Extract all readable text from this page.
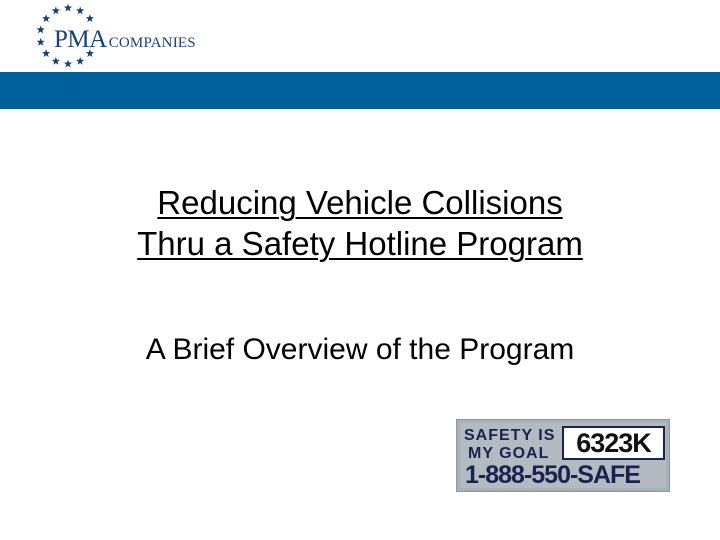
PMA COMPANIES
Reducing Vehicle Collisions
Thru a Safety Hotline Program
A Brief Overview of the Program
SAFETY IS
MY GOAL 6323K
1-888-550-SAFE
